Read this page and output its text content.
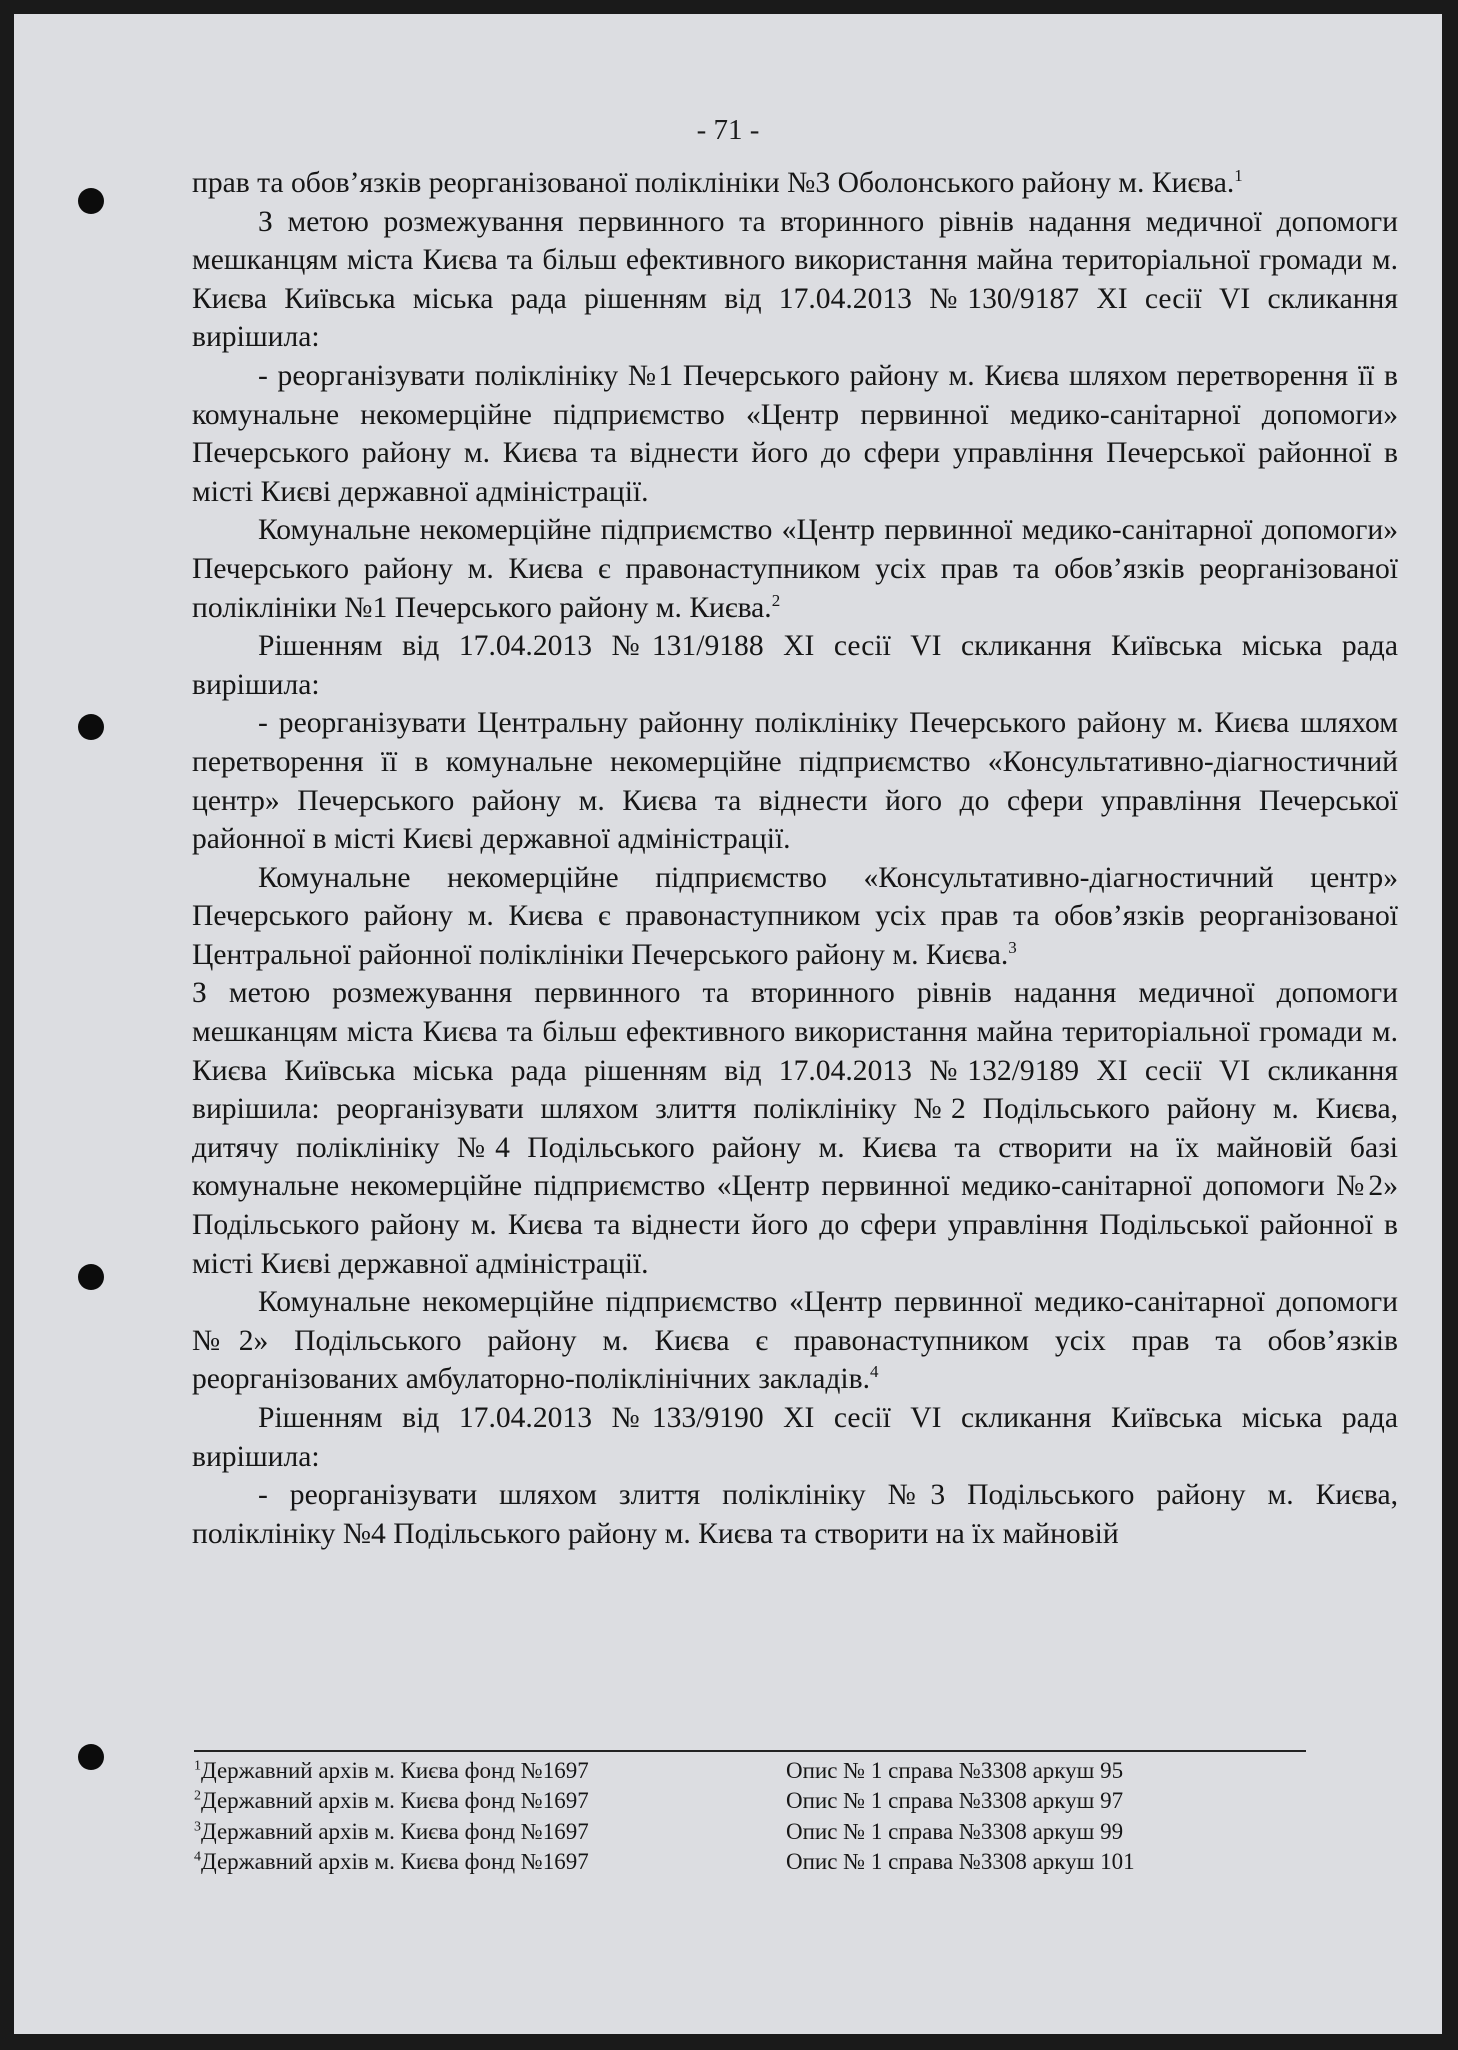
- 71 -

прав та обов’язків реорганізованої поліклініки №3 Оболонського району м. Києва.$^1$

З метою розмежування первинного та вторинного рівнів надання медичної допомоги мешканцям міста Києва та більш ефективного використання майна територіальної громади м. Києва Київська міська рада рішенням від 17.04.2013 №130/9187 XI сесії VI скликання вирішила:

- реорганізувати поліклініку №1 Печерського району м. Києва шляхом перетворення її в комунальне некомерційне підприємство «Центр первинної медико-санітарної допомоги» Печерського району м. Києва та віднести його до сфери управління Печерської районної в місті Києві державної адміністрації.

Комунальне некомерційне підприємство «Центр первинної медико-санітарної допомоги» Печерського району м. Києва є правонаступником усіх прав та обов’язків реорганізованої поліклініки №1 Печерського району м. Києва.$^2$

Рішенням від 17.04.2013 №131/9188 XI сесії VI скликання Київська міська рада вирішила:

- реорганізувати Центральну районну поліклініку Печерського району м. Києва шляхом перетворення її в комунальне некомерційне підприємство «Консультативно-діагностичний центр» Печерського району м. Києва та віднести його до сфери управління Печерської районної в місті Києві державної адміністрації.

Комунальне некомерційне підприємство «Консультативно-діагностичний центр» Печерського району м. Києва є правонаступником усіх прав та обов’язків реорганізованої Центральної районної поліклініки Печерського району м. Києва.$^3$

З метою розмежування первинного та вторинного рівнів надання медичної допомоги мешканцям міста Києва та більш ефективного використання майна територіальної громади м. Києва Київська міська рада рішенням від 17.04.2013 №132/9189 XI сесії VI скликання вирішила: реорганізувати шляхом злиття поліклініку №2 Подільського району м. Києва, дитячу поліклініку №4 Подільського району м. Києва та створити на їх майновій базі комунальне некомерційне підприємство «Центр первинної медико-санітарної допомоги №2» Подільського району м. Києва та віднести його до сфери управління Подільської районної в місті Києві державної адміністрації.

Комунальне некомерційне підприємство «Центр первинної медико-санітарної допомоги №2» Подільського району м. Києва є правонаступником усіх прав та обов’язків реорганізованих амбулаторно-поліклінічних закладів.$^4$

Рішенням від 17.04.2013 №133/9190 XI сесії VI скликання Київська міська рада вирішила:

- реорганізувати шляхом злиття поліклініку №3 Подільського району м. Києва, поліклініку №4 Подільського району м. Києва та створити на їх майновій

$^1$Державний архів м. Києва фонд №1697	Опис № 1 справа №3308 аркуш 95
$^2$Державний архів м. Києва фонд №1697	Опис № 1 справа №3308 аркуш 97
$^3$Державний архів м. Києва фонд №1697	Опис № 1 справа №3308 аркуш 99
$^4$Державний архів м. Києва фонд №1697	Опис № 1 справа №3308 аркуш 101
